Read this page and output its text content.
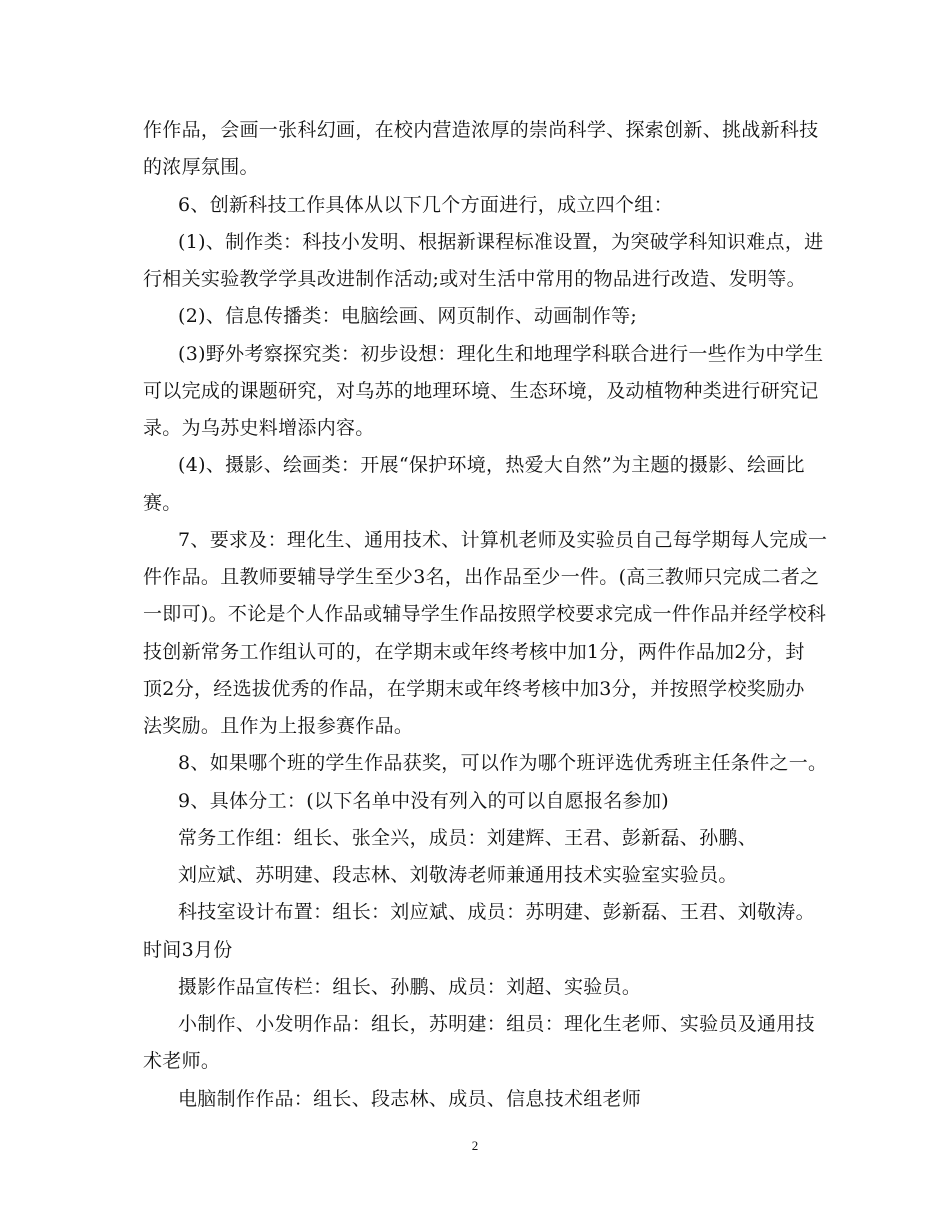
作作品，会画一张科幻画，在校内营造浓厚的崇尚科学、探索创新、挑战新科技

的浓厚氛围。

6、创新科技工作具体从以下几个方面进行，成立四个组：

(1)、制作类：科技小发明、根据新课程标准设置，为突破学科知识难点，进

行相关实验教学学具改进制作活动;或对生活中常用的物品进行改造、发明等。

(2)、信息传播类：电脑绘画、网页制作、动画制作等;

(3)野外考察探究类：初步设想：理化生和地理学科联合进行一些作为中学生

可以完成的课题研究，对乌苏的地理环境、生态环境，及动植物种类进行研究记

录。为乌苏史料增添内容。

(4)、摄影、绘画类：开展“保护环境，热爱大自然”为主题的摄影、绘画比

赛。

7、要求及：理化生、通用技术、计算机老师及实验员自己每学期每人完成一

件作品。且教师要辅导学生至少3名，出作品至少一件。(高三教师只完成二者之

一即可)。不论是个人作品或辅导学生作品按照学校要求完成一件作品并经学校科

技创新常务工作组认可的，在学期末或年终考核中加1分，两件作品加2分，封

顶2分，经选拔优秀的作品，在学期末或年终考核中加3分，并按照学校奖励办

法奖励。且作为上报参赛作品。

8、如果哪个班的学生作品获奖，可以作为哪个班评选优秀班主任条件之一。

9、具体分工：(以下名单中没有列入的可以自愿报名参加)

常务工作组：组长、张全兴，成员：刘建辉、王君、彭新磊、孙鹏、

刘应斌、苏明建、段志林、刘敬涛老师兼通用技术实验室实验员。

科技室设计布置：组长：刘应斌、成员：苏明建、彭新磊、王君、刘敬涛。

时间3月份

摄影作品宣传栏：组长、孙鹏、成员：刘超、实验员。

小制作、小发明作品：组长，苏明建：组员：理化生老师、实验员及通用技

术老师。

电脑制作作品：组长、段志林、成员、信息技术组老师

2
